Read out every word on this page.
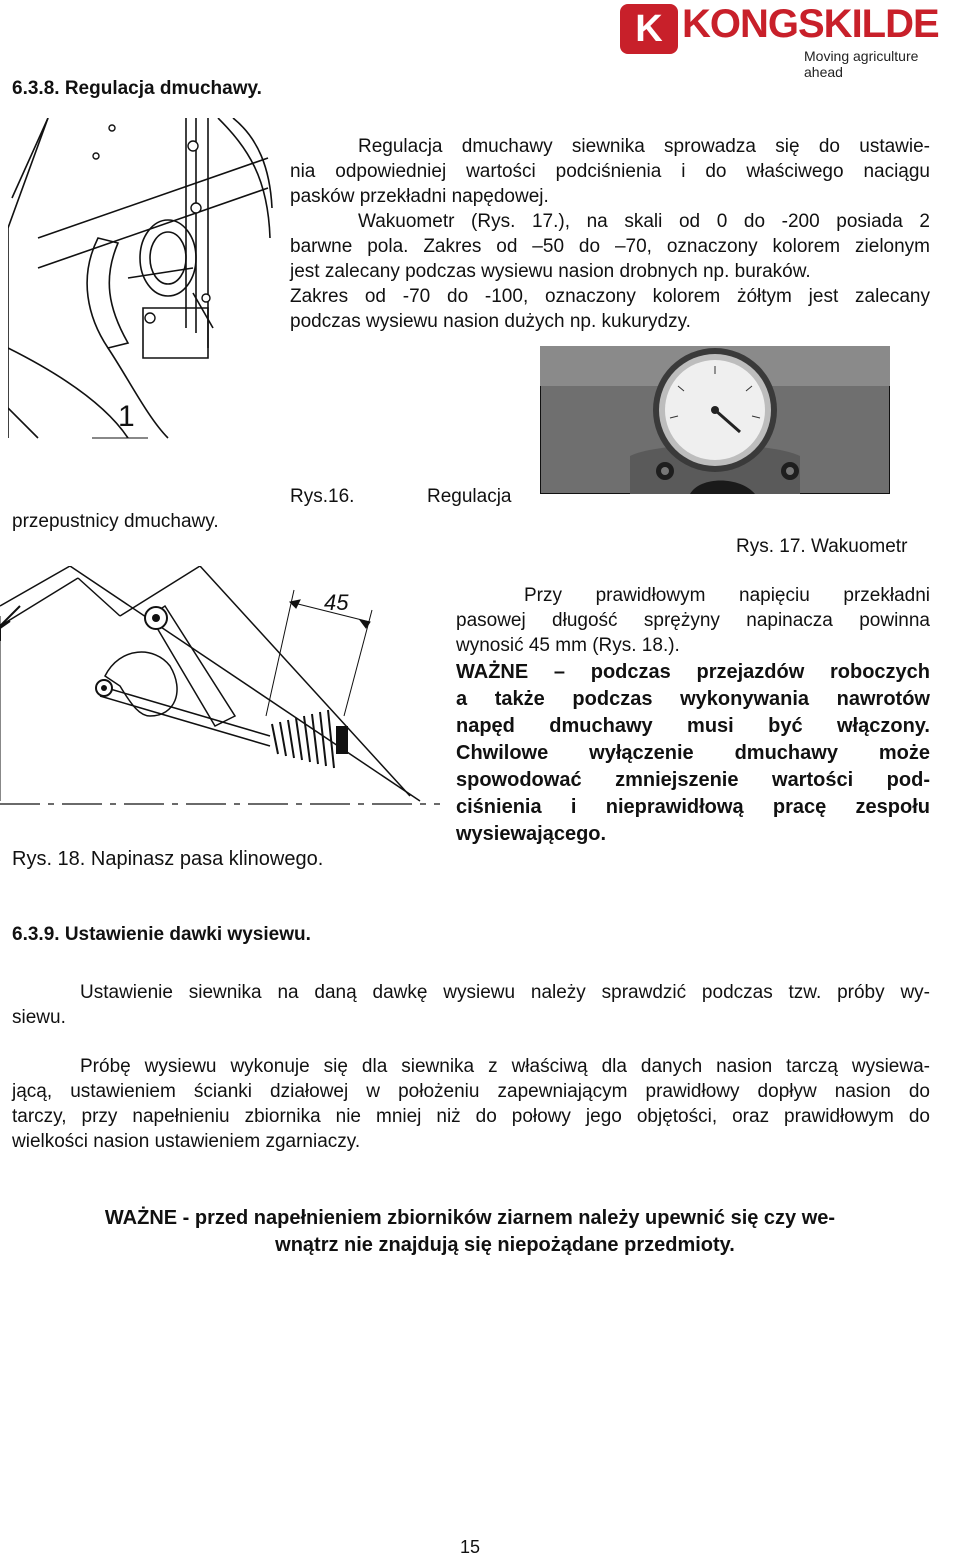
K KONGSKILDE
Moving agriculture ahead
6.3.8. Regulacja dmuchawy.
1
Regulacja dmuchawy siewnika sprowadza się do ustawie-
nia odpowiedniej wartości podciśnienia i do właściwego naciągu
pasków przekładni napędowej.
Wakuometr (Rys. 17.), na skali od 0 do -200 posiada 2
barwne pola. Zakres od –50 do –70, oznaczony kolorem zielonym
jest zalecany podczas wysiewu nasion drobnych np. buraków.
Zakres od -70 do -100, oznaczony kolorem żółtym jest zalecany
podczas wysiewu nasion dużych np. kukurydzy.
Rys.16.	Regulacja
przepustnicy dmuchawy.
Rys. 17. Wakuometr
45	Przy prawidłowym napięciu przekładni
pasowej długość sprężyny napinacza powinna
wynosić 45 mm (Rys. 18.).
WAŻNE – podczas przejazdów roboczych
a także podczas wykonywania nawrotów
napęd dmuchawy musi być włączony.
Chwilowe wyłączenie dmuchawy może
spowodować zmniejszenie wartości pod-
ciśnienia i nieprawidłową pracę zespołu
wysiewającego.
Rys. 18. Napinasz pasa klinowego.
6.3.9. Ustawienie dawki wysiewu.
Ustawienie siewnika na daną dawkę wysiewu należy sprawdzić podczas tzw. próby wy-
siewu.
Próbę wysiewu wykonuje się dla siewnika z właściwą dla danych nasion tarczą wysiewa-
jącą, ustawieniem ścianki działowej w położeniu zapewniającym prawidłowy dopływ nasion do
tarczy, przy napełnieniu zbiornika nie mniej niż do połowy jego objętości, oraz prawidłowym do
wielkości nasion ustawieniem zgarniaczy.
WAŻNE - przed napełnieniem zbiorników ziarnem należy upewnić się czy we-
wnątrz nie znajdują się niepożądane przedmioty.
15
